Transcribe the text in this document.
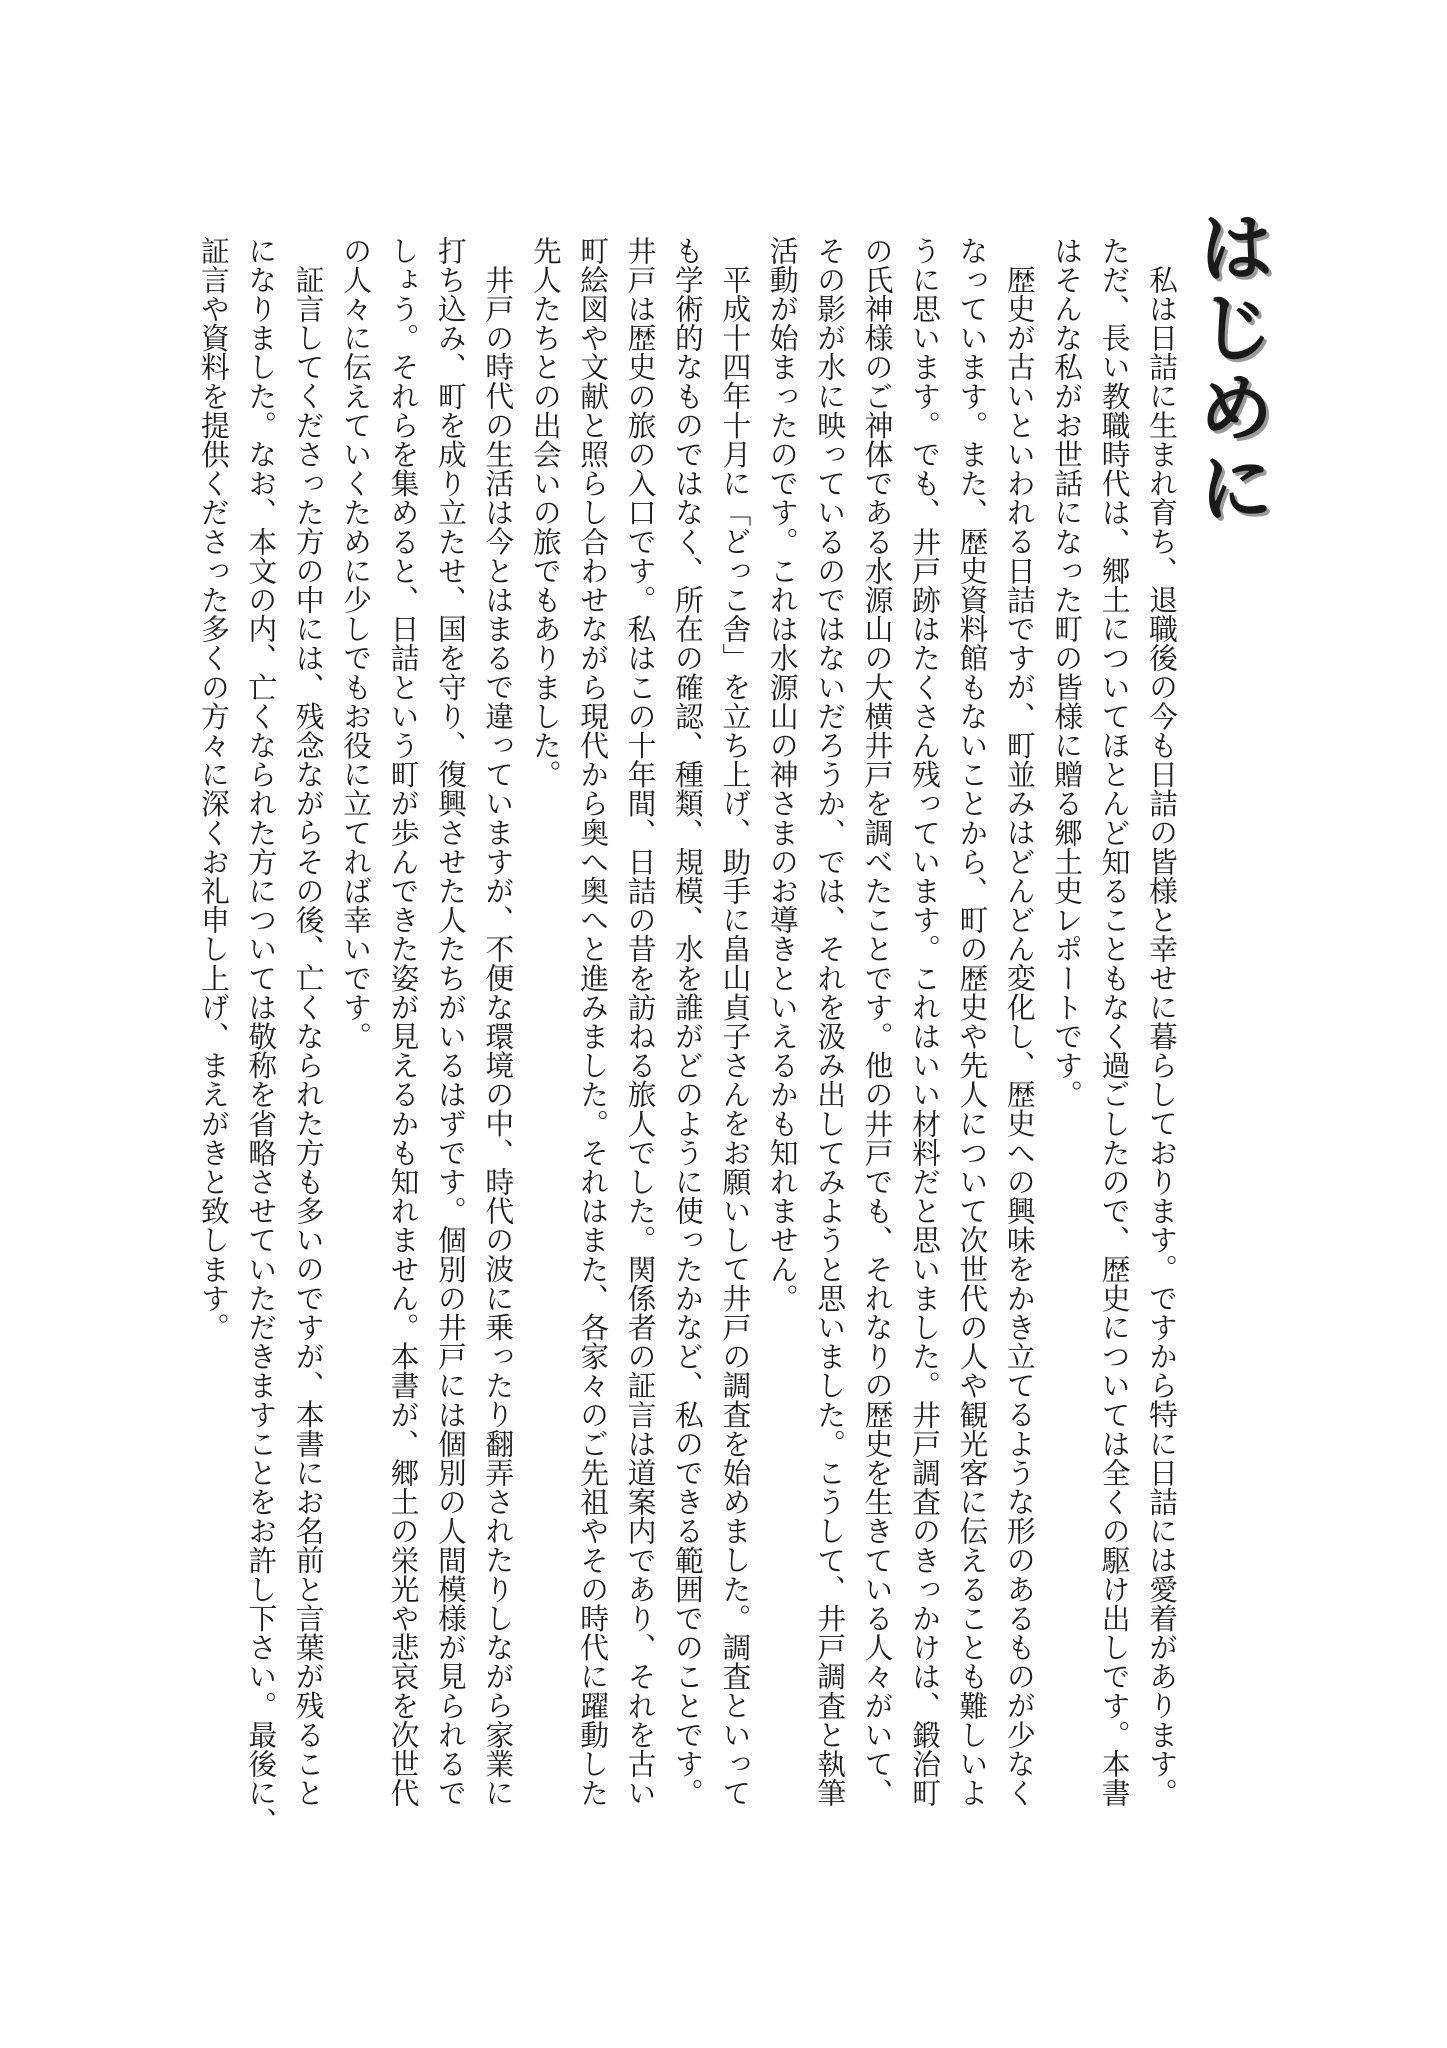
はじめに

私は日詰に生まれ育ち、退職後の今も日詰の皆様と幸せに暮らしております。ですから特に日詰には愛着があります。
ただ、長い教職時代は、郷土についてほとんど知ることもなく過ごしたので、歴史については全くの駆け出しです。本書
はそんな私がお世話になった町の皆様に贈る郷土史レポートです。

歴史が古いといわれる日詰ですが、町並みはどんどん変化し、歴史への興味をかき立てるような形のあるものが少なく
なっています。また、歴史資料館もないことから、町の歴史や先人について次世代の人や観光客に伝えることも難しいよ
うに思います。でも、井戸跡はたくさん残っています。これはいい材料だと思いました。井戸調査のきっかけは、鍛治町
の氏神様のご神体である水源山の大横井戸を調べたことです。他の井戸でも、それなりの歴史を生きている人々がいて、
その影が水に映っているのではないだろうか、では、それを汲み出してみようと思いました。こうして、井戸調査と執筆
活動が始まったのです。これは水源山の神さまのお導きといえるかも知れません。

平成十四年十月に「どっこ舎」を立ち上げ、助手に畠山貞子さんをお願いして井戸の調査を始めました。調査といって
も学術的なものではなく、所在の確認、種類、規模、水を誰がどのように使ったかなど、私のできる範囲でのことです。
井戸は歴史の旅の入口です。私はこの十年間、日詰の昔を訪ねる旅人でした。関係者の証言は道案内であり、それを古い
町絵図や文献と照らし合わせながら現代から奥へ奥へと進みました。それはまた、各家々のご先祖やその時代に躍動した
先人たちとの出会いの旅でもありました。

井戸の時代の生活は今とはまるで違っていますが、不便な環境の中、時代の波に乗ったり翻弄されたりしながら家業に
打ち込み、町を成り立たせ、国を守り、復興させた人たちがいるはずです。個別の井戸には個別の人間模様が見られるで
しょう。それらを集めると、日詰という町が歩んできた姿が見えるかも知れません。本書が、郷土の栄光や悲哀を次世代
の人々に伝えていくために少しでもお役に立てれば幸いです。

証言してくださった方の中には、残念ながらその後、亡くなられた方も多いのですが、本書にお名前と言葉が残ること
になりました。なお、本文の内、亡くなられた方については敬称を省略させていただきますことをお許し下さい。最後に、
証言や資料を提供くださった多くの方々に深くお礼申し上げ、まえがきと致します。
